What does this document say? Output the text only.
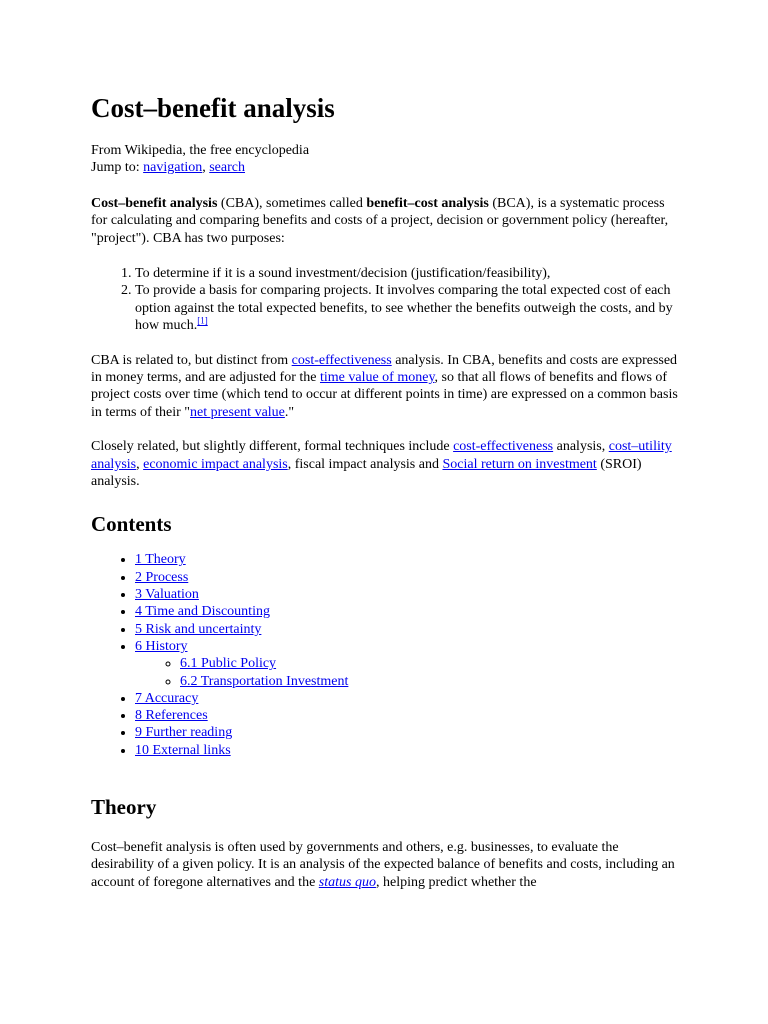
Cost–benefit analysis
From Wikipedia, the free encyclopedia
Jump to: navigation, search

Cost–benefit analysis (CBA), sometimes called benefit–cost analysis (BCA), is a systematic process for calculating and comparing benefits and costs of a project, decision or government policy (hereafter, "project"). CBA has two purposes:

1. To determine if it is a sound investment/decision (justification/feasibility),
2. To provide a basis for comparing projects. It involves comparing the total expected cost of each option against the total expected benefits, to see whether the benefits outweigh the costs, and by how much.[1]

CBA is related to, but distinct from cost-effectiveness analysis. In CBA, benefits and costs are expressed in money terms, and are adjusted for the time value of money, so that all flows of benefits and flows of project costs over time (which tend to occur at different points in time) are expressed on a common basis in terms of their "net present value."

Closely related, but slightly different, formal techniques include cost-effectiveness analysis, cost–utility analysis, economic impact analysis, fiscal impact analysis and Social return on investment (SROI) analysis.

Contents
• 1 Theory
• 2 Process
• 3 Valuation
• 4 Time and Discounting
• 5 Risk and uncertainty
• 6 History
◦ 6.1 Public Policy
◦ 6.2 Transportation Investment
• 7 Accuracy
• 8 References
• 9 Further reading
• 10 External links
Theory

Cost–benefit analysis is often used by governments and others, e.g. businesses, to evaluate the desirability of a given policy. It is an analysis of the expected balance of benefits and costs, including an account of foregone alternatives and the status quo, helping predict whether the
